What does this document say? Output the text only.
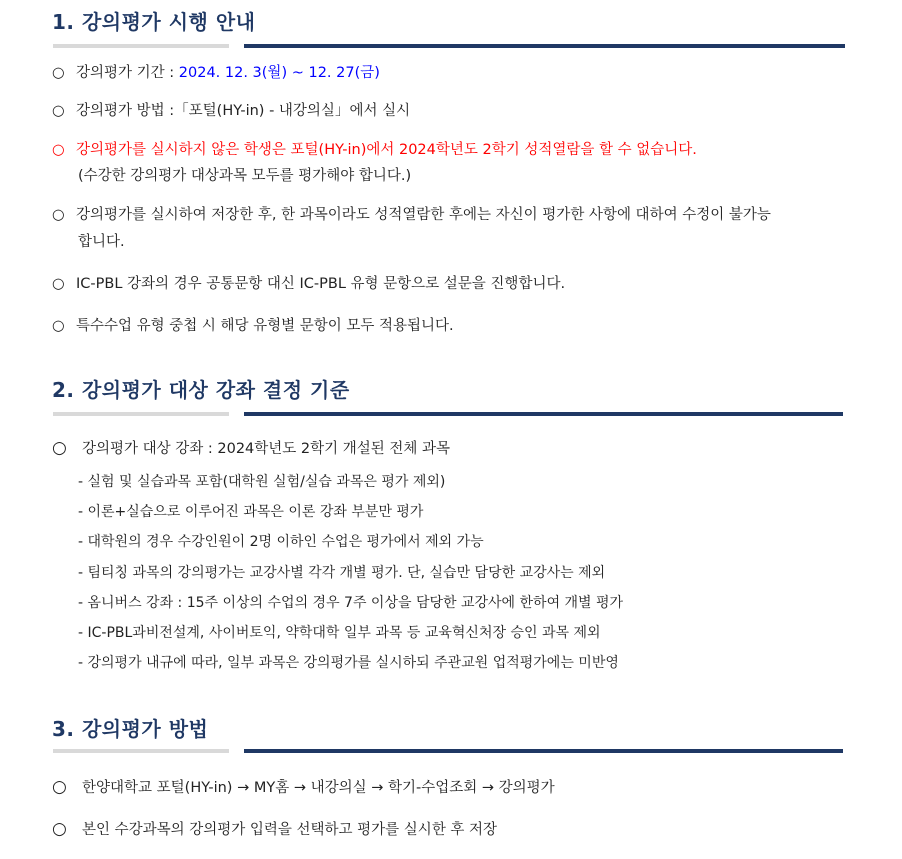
1. 강의평가 시행 안내
○ 강의평가 기간 : 2024. 12. 3(월) ~ 12. 27(금)
○ 강의평가 방법 :「포털(HY-in) - 내강의실」에서 실시
○ 강의평가를 실시하지 않은 학생은 포털(HY-in)에서 2024학년도 2학기 성적열람을 할 수 없습니다.
(수강한 강의평가 대상과목 모두를 평가해야 합니다.)
○ 강의평가를 실시하여 저장한 후, 한 과목이라도 성적열람한 후에는 자신이 평가한 사항에 대하여 수정이 불가능
합니다.
○ IC-PBL 강좌의 경우 공통문항 대신 IC-PBL 유형 문항으로 설문을 진행합니다.
○ 특수수업 유형 중첩 시 해당 유형별 문항이 모두 적용됩니다.
2. 강의평가 대상 강좌 결정 기준
○ 강의평가 대상 강좌 : 2024학년도 2학기 개설된 전체 과목
- 실험 및 실습과목 포함(대학원 실험/실습 과목은 평가 제외)
- 이론+실습으로 이루어진 과목은 이론 강좌 부분만 평가
- 대학원의 경우 수강인원이 2명 이하인 수업은 평가에서 제외 가능
- 팀티칭 과목의 강의평가는 교강사별 각각 개별 평가. 단, 실습만 담당한 교강사는 제외
- 옴니버스 강좌 : 15주 이상의 수업의 경우 7주 이상을 담당한 교강사에 한하여 개별 평가
- IC-PBL과비전설계, 사이버토익, 약학대학 일부 과목 등 교육혁신처장 승인 과목 제외
- 강의평가 내규에 따라, 일부 과목은 강의평가를 실시하되 주관교원 업적평가에는 미반영
3. 강의평가 방법
○ 한양대학교 포털(HY-in) → MY홈 → 내강의실 → 학기-수업조회 → 강의평가
○ 본인 수강과목의 강의평가 입력을 선택하고 평가를 실시한 후 저장
